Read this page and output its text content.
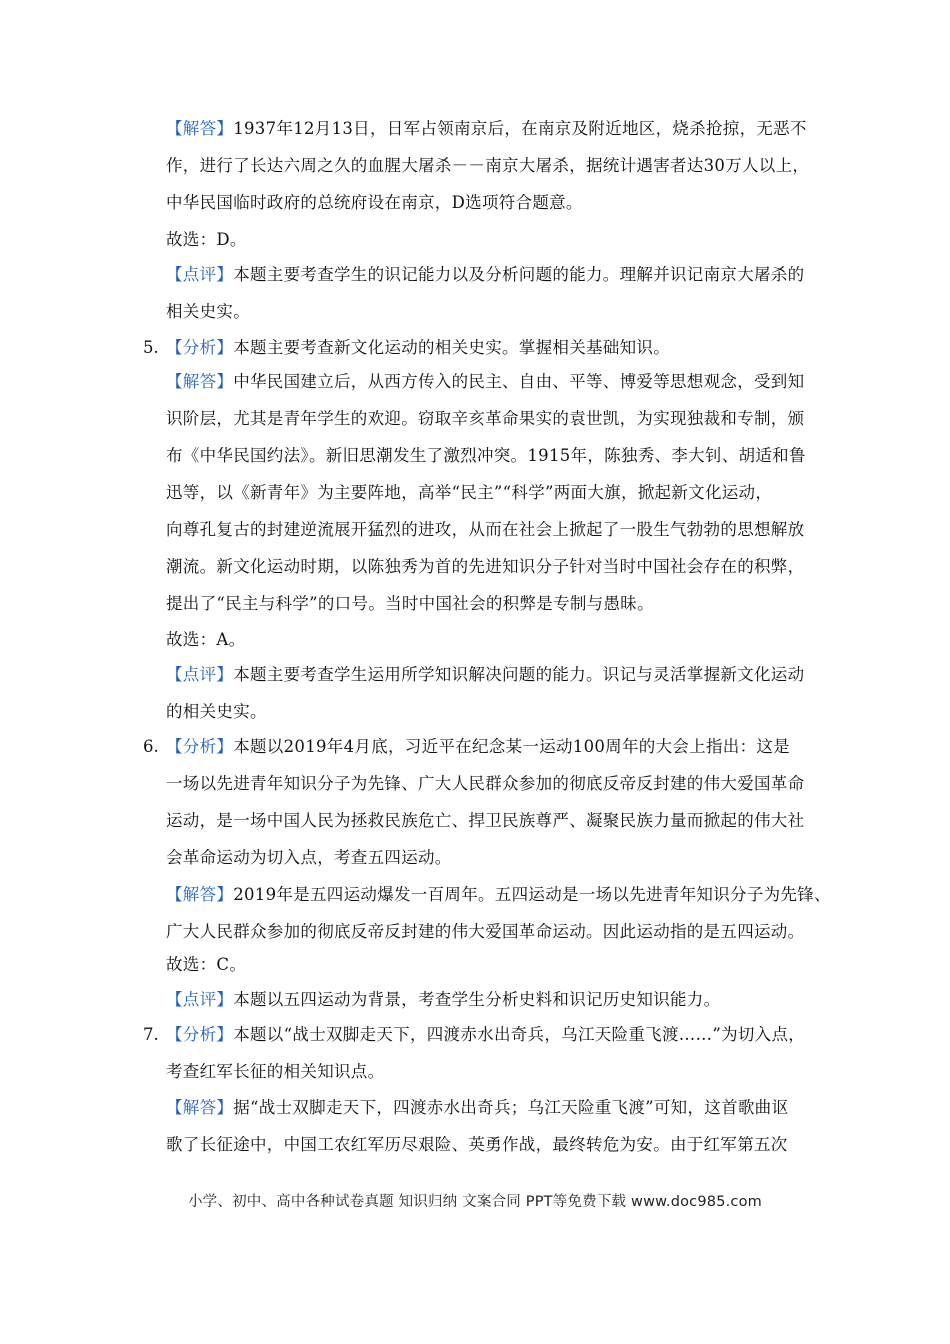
【解答】1937年12月13日，日军占领南京后，在南京及附近地区，烧杀抢掠，无恶不
作，进行了长达六周之久的血腥大屠杀－－南京大屠杀，据统计遇害者达30万人以上，
中华民国临时政府的总统府设在南京，D选项符合题意。
故选：D。
【点评】本题主要考查学生的识记能力以及分析问题的能力。理解并识记南京大屠杀的
相关史实。
5. 【分析】本题主要考查新文化运动的相关史实。掌握相关基础知识。
【解答】中华民国建立后，从西方传入的民主、自由、平等、博爱等思想观念，受到知
识阶层，尤其是青年学生的欢迎。窃取辛亥革命果实的袁世凯，为实现独裁和专制，颁
布《中华民国约法》。新旧思潮发生了激烈冲突。1915年，陈独秀、李大钊、胡适和鲁
迅等，以《新青年》为主要阵地，高举“民主”“科学”两面大旗，掀起新文化运动，
向尊孔复古的封建逆流展开猛烈的进攻，从而在社会上掀起了一股生气勃勃的思想解放
潮流。新文化运动时期，以陈独秀为首的先进知识分子针对当时中国社会存在的积弊，
提出了“民主与科学”的口号。当时中国社会的积弊是专制与愚昧。
故选：A。
【点评】本题主要考查学生运用所学知识解决问题的能力。识记与灵活掌握新文化运动
的相关史实。
6. 【分析】本题以2019年4月底，习近平在纪念某一运动100周年的大会上指出：这是
一场以先进青年知识分子为先锋、广大人民群众参加的彻底反帝反封建的伟大爱国革命
运动，是一场中国人民为拯救民族危亡、捍卫民族尊严、凝聚民族力量而掀起的伟大社
会革命运动为切入点，考查五四运动。
【解答】2019年是五四运动爆发一百周年。五四运动是一场以先进青年知识分子为先锋、
广大人民群众参加的彻底反帝反封建的伟大爱国革命运动。因此运动指的是五四运动。
故选：C。
【点评】本题以五四运动为背景，考查学生分析史料和识记历史知识能力。
7. 【分析】本题以“战士双脚走天下，四渡赤水出奇兵，乌江天险重飞渡……”为切入点，
考查红军长征的相关知识点。
【解答】据“战士双脚走天下，四渡赤水出奇兵；乌江天险重飞渡”可知，这首歌曲讴
歌了长征途中，中国工农红军历尽艰险、英勇作战，最终转危为安。由于红军第五次
小学、初中、高中各种试卷真题 知识归纳 文案合同 PPT等免费下载 www.doc985.com
